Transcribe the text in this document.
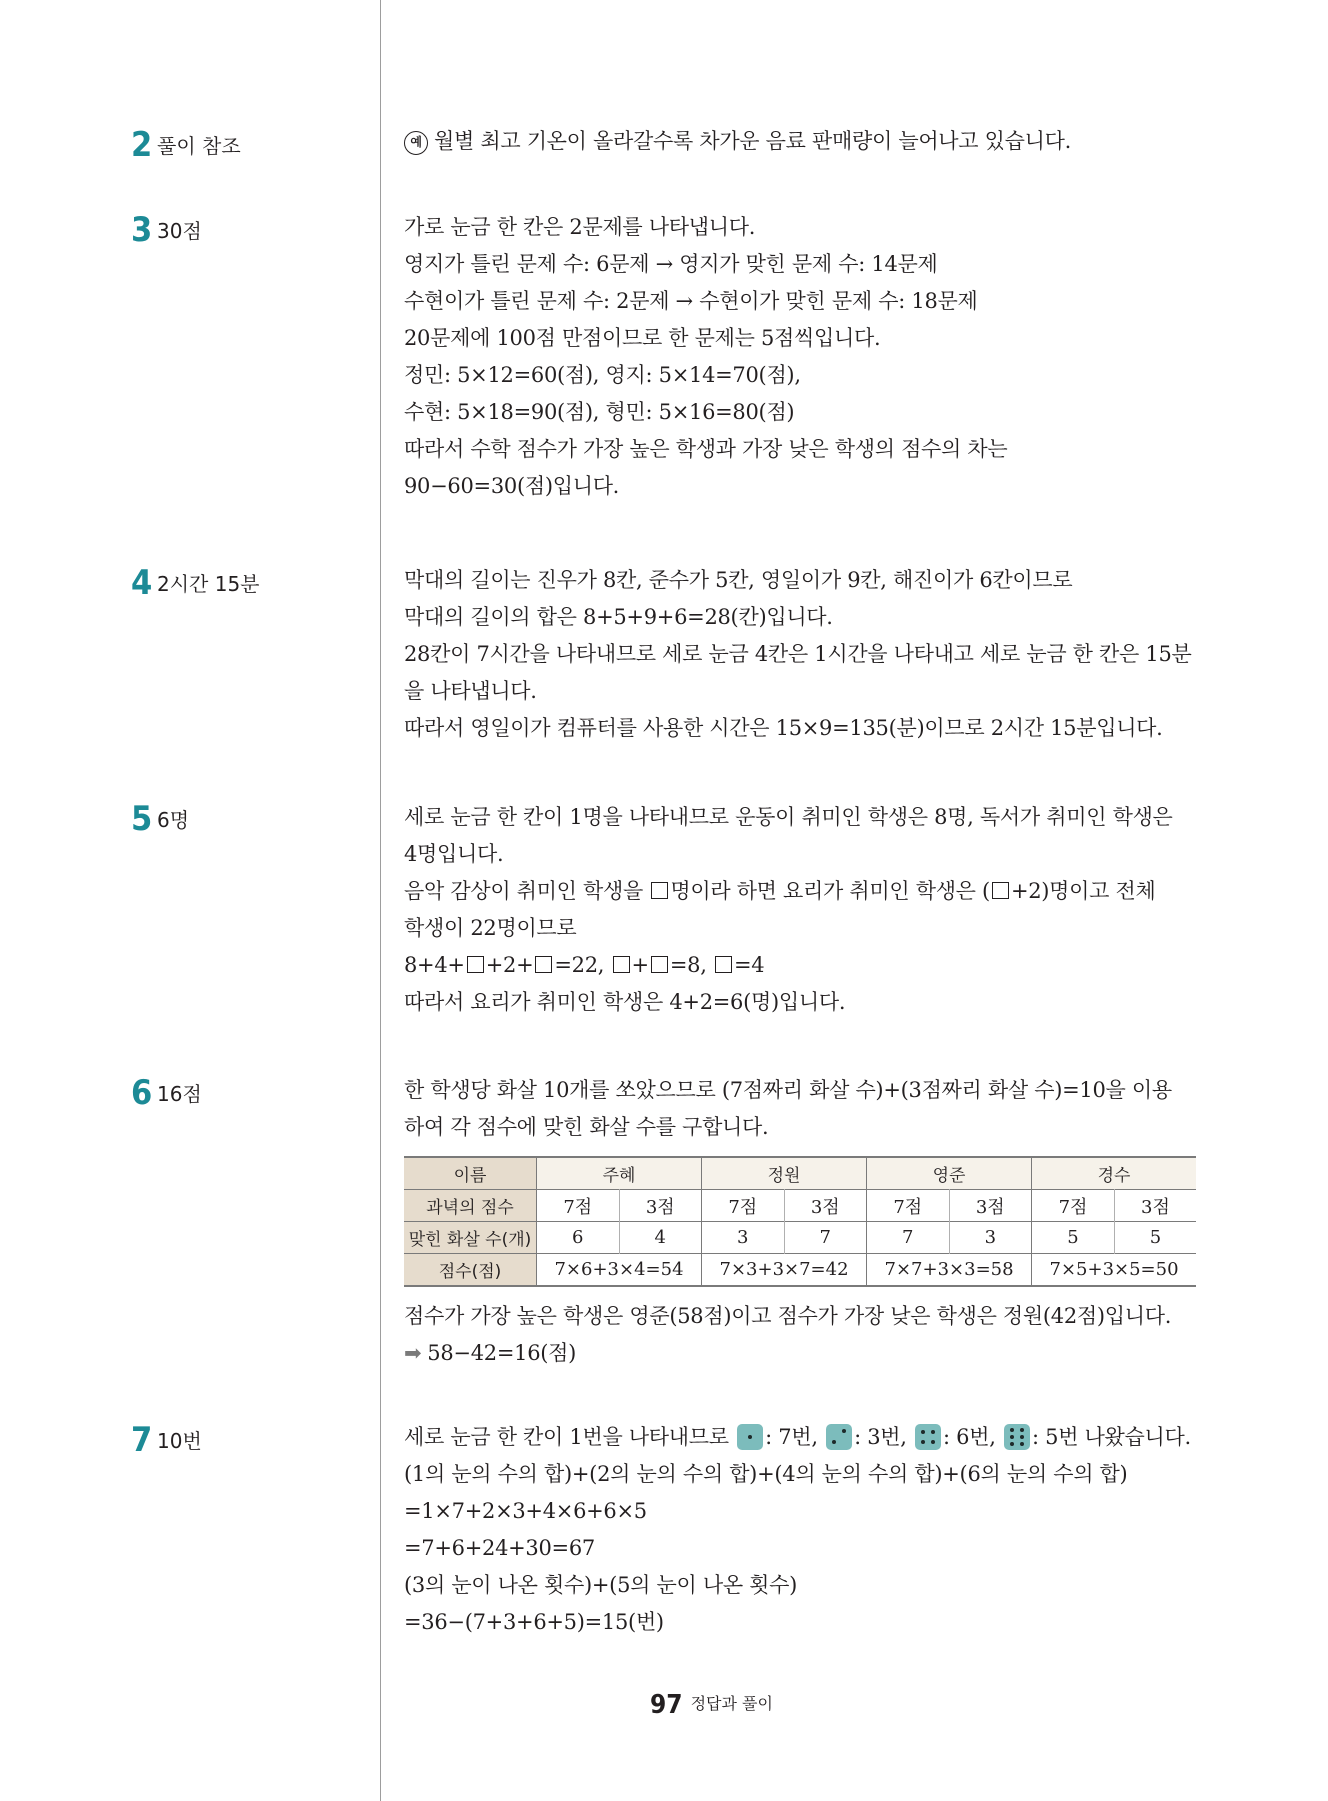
2 풀이 참조	예 월별 최고 기온이 올라갈수록 차가운 음료 판매량이 늘어나고 있습니다.
3 30점	가로 눈금 한 칸은 2문제를 나타냅니다.
영지가 틀린 문제 수: 6문제 → 영지가 맞힌 문제 수: 14문제
수현이가 틀린 문제 수: 2문제 → 수현이가 맞힌 문제 수: 18문제
20문제에 100점 만점이므로 한 문제는 5점씩입니다.
정민: 5×12=60(점), 영지: 5×14=70(점),
수현: 5×18=90(점), 형민: 5×16=80(점)
따라서 수학 점수가 가장 높은 학생과 가장 낮은 학생의 점수의 차는
90−60=30(점)입니다.
4 2시간 15분	막대의 길이는 진우가 8칸, 준수가 5칸, 영일이가 9칸, 해진이가 6칸이므로
막대의 길이의 합은 8+5+9+6=28(칸)입니다.
28칸이 7시간을 나타내므로 세로 눈금 4칸은 1시간을 나타내고 세로 눈금 한 칸은 15분
을 나타냅니다.
따라서 영일이가 컴퓨터를 사용한 시간은 15×9=135(분)이므로 2시간 15분입니다.
5 6명	세로 눈금 한 칸이 1명을 나타내므로 운동이 취미인 학생은 8명, 독서가 취미인 학생은
4명입니다.
음악 감상이 취미인 학생을 명이라 하면 요리가 취미인 학생은 ( +2)명이고 전체
학생이 22명이므로
8+4+ +2+ =22, + =8, =4
따라서 요리가 취미인 학생은 4+2=6(명)입니다.
6 16점	한 학생당 화살 10개를 쏘았으므로 (7점짜리 화살 수)+(3점짜리 화살 수)=10을 이용
하여 각 점수에 맞힌 화살 수를 구합니다.
이름	주혜		정원		영준		경수	
과녁의 점수	7점	3점	7점	3점	7점	3점	7점	3점
맞힌 화살 수(개)	6	4	3	7	7	3	5	5
점수(점)	7×6+3×4=54		7×3+3×7=42		7×7+3×3=58		7×5+3×5=50	
점수가 가장 높은 학생은 영준(58점)이고 점수가 가장 낮은 학생은 정원(42점)입니다.
➡ 58−42=16(점)
7 10번	세로 눈금 한 칸이 1번을 나타내므로
: 7번,
: 3번,
: 6번,
: 5번 나왔습니다.
(1의 눈의 수의 합)+(2의 눈의 수의 합)+(4의 눈의 수의 합)+(6의 눈의 수의 합)
=1×7+2×3+4×6+6×5
=7+6+24+30=67
(3의 눈이 나온 횟수)+(5의 눈이 나온 횟수)
=36−(7+3+6+5)=15(번)
97 정답과 풀이
